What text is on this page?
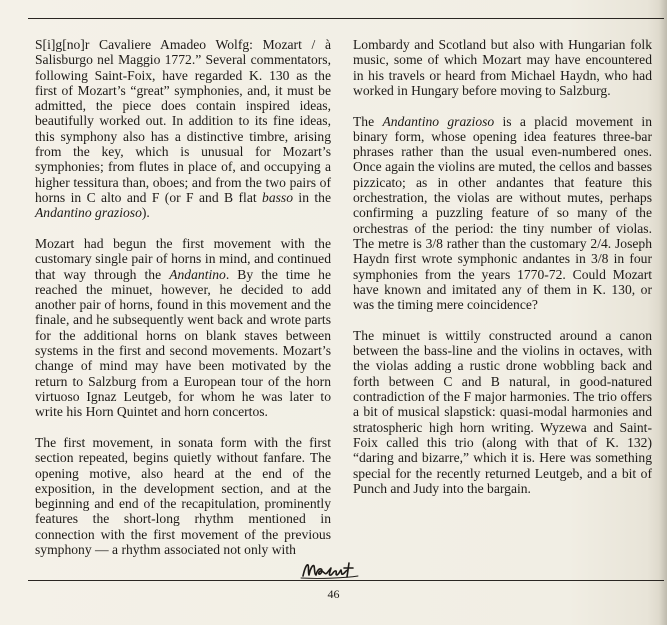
S[i]g[no]r Cavaliere Amadeo Wolfg: Mozart / à Salisburgo nel Maggio 1772.” Several commentators, following Saint-Foix, have regarded K. 130 as the first of Mozart’s “great” symphonies, and, it must be admitted, the piece does contain inspired ideas, beautifully worked out. In addition to its fine ideas, this symphony also has a distinctive timbre, arising from the key, which is unusual for Mozart’s symphonies; from flutes in place of, and occupying a higher tessitura than, oboes; and from the two pairs of horns in C alto and F (or F and B flat basso in the Andantino grazioso).

Mozart had begun the first movement with the customary single pair of horns in mind, and continued that way through the Andantino. By the time he reached the minuet, however, he decided to add another pair of horns, found in this movement and the finale, and he subsequently went back and wrote parts for the additional horns on blank staves between systems in the first and second movements. Mozart’s change of mind may have been motivated by the return to Salzburg from a European tour of the horn virtuoso Ignaz Leutgeb, for whom he was later to write his Horn Quintet and horn concertos.

The first movement, in sonata form with the first section repeated, begins quietly without fanfare. The opening motive, also heard at the end of the exposition, in the development section, and at the beginning and end of the recapitulation, prominently features the short-long rhythm mentioned in connection with the first movement of the previous symphony — a rhythm associated not only with

Lombardy and Scotland but also with Hungarian folk music, some of which Mozart may have encountered in his travels or heard from Michael Haydn, who had worked in Hungary before moving to Salzburg.

The Andantino grazioso is a placid movement in binary form, whose opening idea features three-bar phrases rather than the usual even-numbered ones. Once again the violins are muted, the cellos and basses pizzicato; as in other andantes that feature this orchestration, the violas are without mutes, perhaps confirming a puzzling feature of so many of the orchestras of the period: the tiny number of violas. The metre is 3/8 rather than the customary 2/4. Joseph Haydn first wrote symphonic andantes in 3/8 in four symphonies from the years 1770-72. Could Mozart have known and imitated any of them in K. 130, or was the timing mere coincidence?

The minuet is wittily constructed around a canon between the bass-line and the violins in octaves, with the violas adding a rustic drone wobbling back and forth between C and B natural, in good-natured contradiction of the F major harmonies. The trio offers a bit of musical slapstick: quasi-modal harmonies and stratospheric high horn writing. Wyzewa and Saint-Foix called this trio (along with that of K. 132) “daring and bizarre,” which it is. Here was something special for the recently returned Leutgeb, and a bit of Punch and Judy into the bargain.

46
